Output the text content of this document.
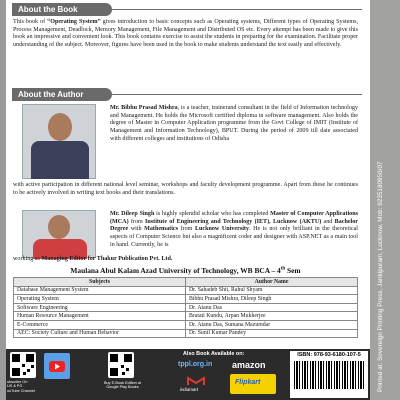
Printed at: Sovereign Printing Press, Jankipuram, Lucknow, Mob: 9235180950/07
About the Book
This book of “Operating System” gives introduction to basic concepts such as Operating systems, Different types of Operating Systems, Process Management, Deadlock, Memory Management, File Management and Distributed OS etc. Every attempt has been made to give this book an impressive and convenient look. This book contains exercise to assist the students in preparing for the examination. Facilitate proper understanding of the subject. Moreover, figures have been used in the book to make students understand the text easily and effectively.
About the Author
Mr. Bibhu Prasad Mishra, is a teacher, trainerand consultant in the field of Information technology and Management. He holds the Microsoft certified diploma in software management. Also holds the degree of Master in Computer Application programme from the Govt College of IMIT (Institute of Management and Information Technology), BPUT. During the period of 2009 till date associated with different colleges and institutions of Odisha
with active participation in different national level seminar, workshops and faculty development programme. Apart from these he continues to be actively involved in writing text books and their translations.
Mr. Dileep Singh is highly splendid scholar who has completed Master of Computer Applications (MCA) from Institute of Engineering and Technology (IET), Lucknow (AKTU) and Bachelor Degree with Mathematics from Lucknow University. He is not only brilliant in the theoretical aspects of Computer Science but also a magnificent coder and designer with ASP.NET as a main tool in hand. Currently, he is
working as Managing Editor for Thakur Publication Pvt. Ltd.
Maulana Abul Kalam Azad University of Technology, WB BCA – 4th Sem
Subjects	Author Name
Database Management System	Dr. Sahadeb Shit, Rahul Shyam
Operating System	Bibhu Prasad Mishra, Dileep Singh
Software Engineering	Dr. Atanu Das
Human Resource Management	Bratati Kundu, Arpan Mukherjee
E-Commerce	Dr. Atanu Das, Sumana Mazumdar
AEC: Society Culture and Human Behavior	Dr. Sunil Kumar Pandey
ubscribe On
US & PG
ouTube Channel
Buy E-Book Edition at
Google Play Books
Also Book Available on:
tppl.org.in amazon
indiamart
Flipkart
ISBN: 978-93-6180-107-5
